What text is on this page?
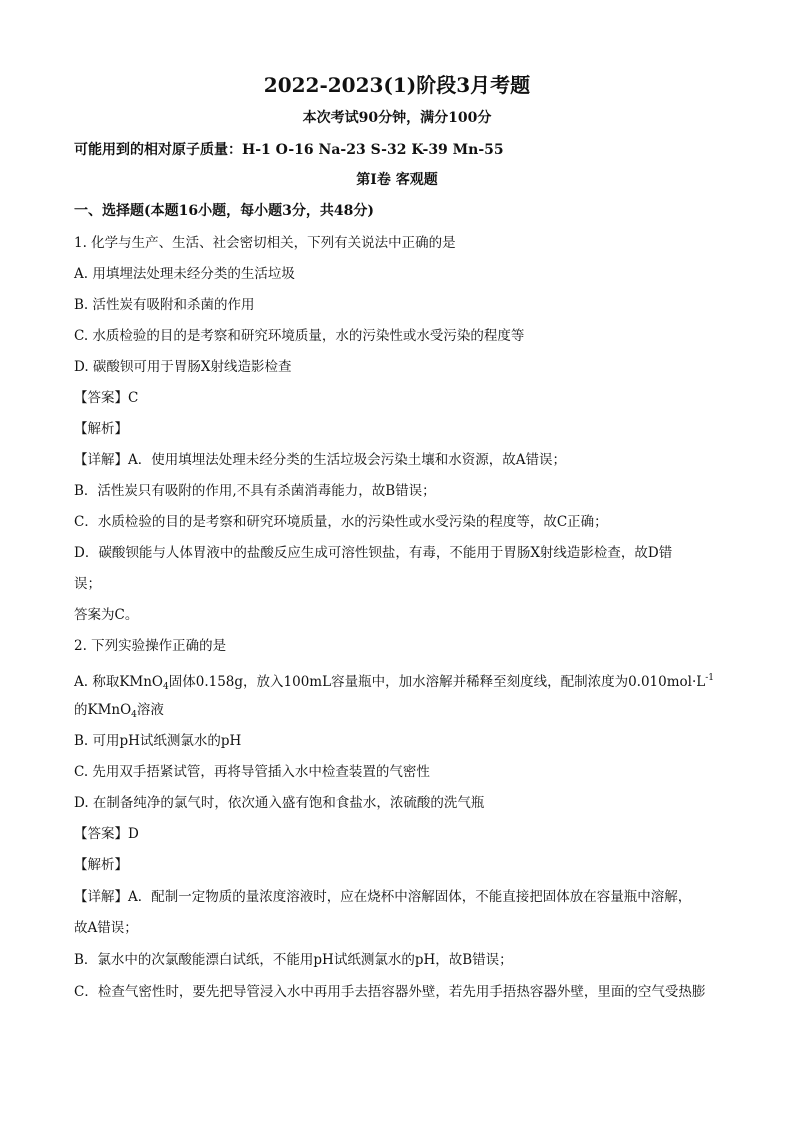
2022-2023(1)阶段3月考题
本次考试90分钟，满分100分
可能用到的相对原子质量：H-1 O-16 Na-23 S-32 K-39 Mn-55
第Ⅰ卷 客观题
一、选择题(本题16小题，每小题3分，共48分)
1. 化学与生产、生活、社会密切相关，下列有关说法中正确的是
A. 用填埋法处理未经分类的生活垃圾
B. 活性炭有吸附和杀菌的作用
C. 水质检验的目的是考察和研究环境质量，水的污染性或水受污染的程度等
D. 碳酸钡可用于胃肠X射线造影检查
【答案】C
【解析】
【详解】A．使用填埋法处理未经分类的生活垃圾会污染土壤和水资源，故A错误；
B．活性炭只有吸附的作用,不具有杀菌消毒能力，故B错误；
C．水质检验的目的是考察和研究环境质量，水的污染性或水受污染的程度等，故C正确；
D．碳酸钡能与人体胃液中的盐酸反应生成可溶性钡盐，有毒，不能用于胃肠X射线造影检查，故D错
误；
答案为C。
2. 下列实验操作正确的是
A. 称取KMnO$_4$固体0.158g，放入100mL容量瓶中，加水溶解并稀释至刻度线，配制浓度为$0.010mol\cdot L^{-1}$
的KMnO$_4$溶液
B. 可用pH试纸测氯水的pH
C. 先用双手捂紧试管，再将导管插入水中检查装置的气密性
D. 在制备纯净的氯气时，依次通入盛有饱和食盐水，浓硫酸的洗气瓶
【答案】D
【解析】
【详解】A．配制一定物质的量浓度溶液时，应在烧杯中溶解固体，不能直接把固体放在容量瓶中溶解，
故A错误；
B．氯水中的次氯酸能漂白试纸，不能用pH试纸测氯水的pH，故B错误；
C．检查气密性时，要先把导管浸入水中再用手去捂容器外壁，若先用手捂热容器外壁，里面的空气受热膨
